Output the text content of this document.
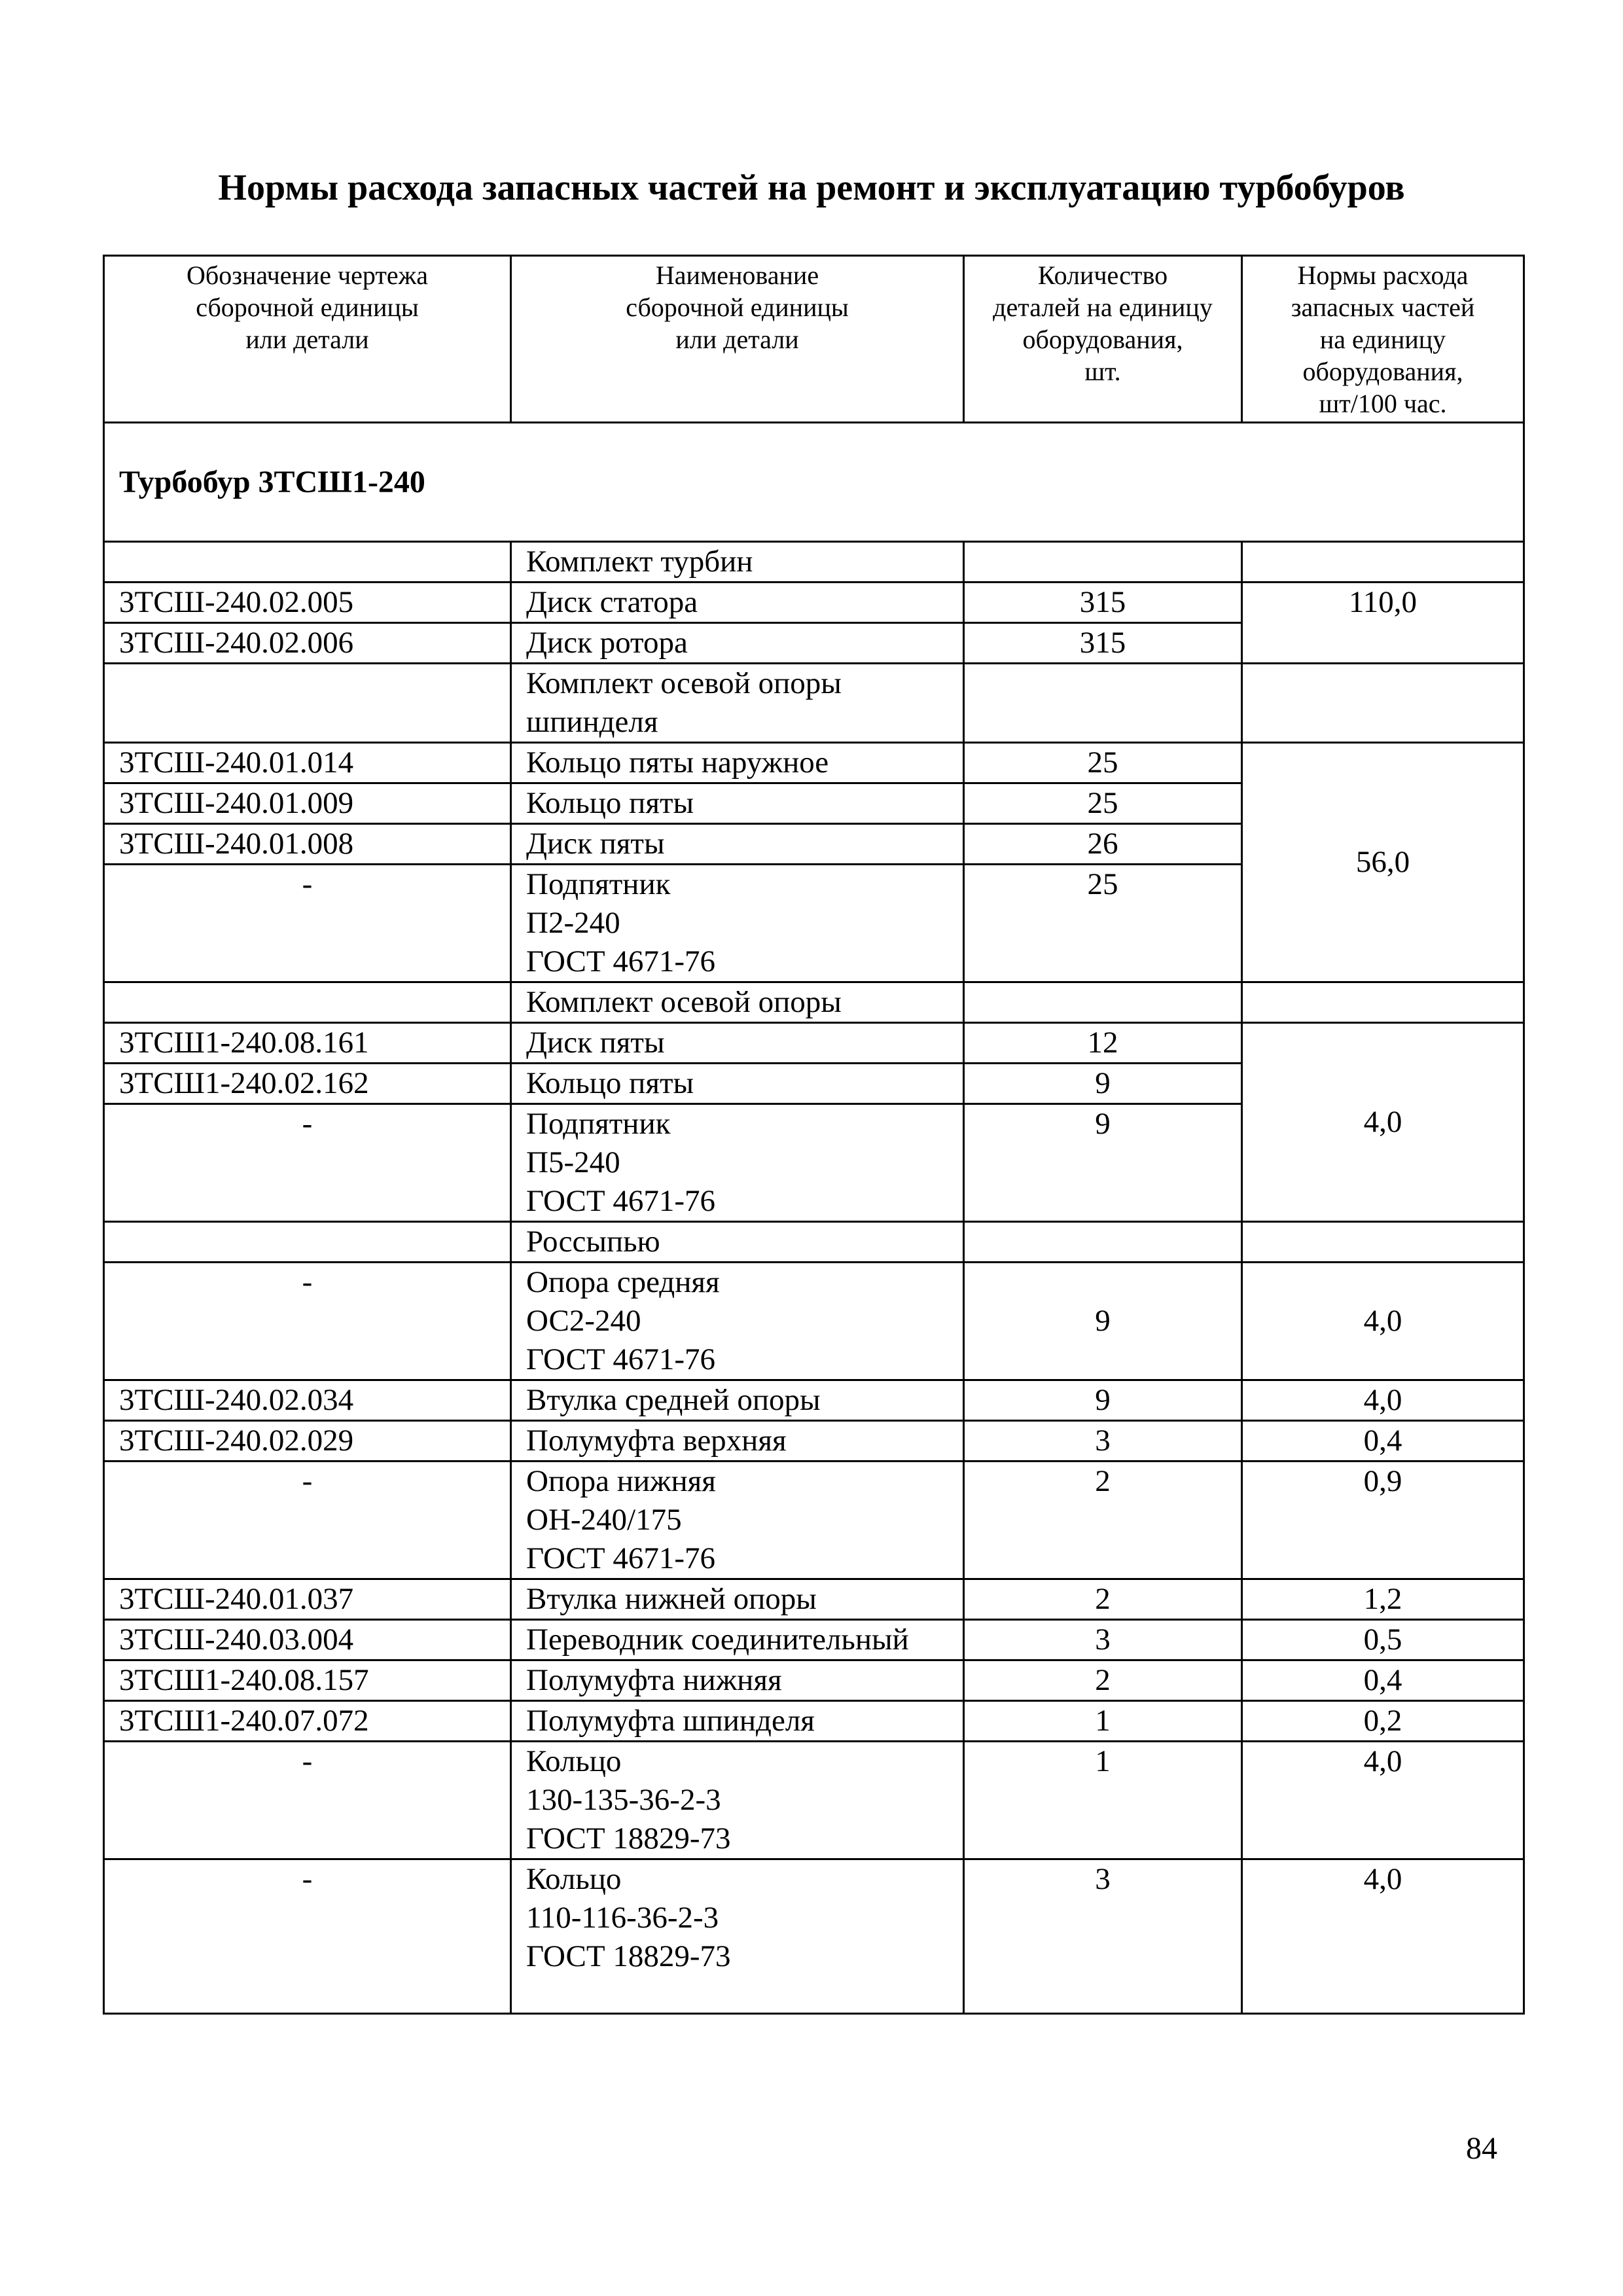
Нормы расхода запасных частей на ремонт и эксплуатацию турбобуров
Обозначение чертежа
сборочной единицы
или детали	Наименование
сборочной единицы
или детали	Количество
деталей на единицу
оборудования,
шт.	Нормы расхода
запасных частей
на единицу
оборудования,
шт/100 час.
Турбобур 3ТСШ1-240			
	Комплект турбин		
3ТСШ-240.02.005	Диск статора	315	110,0
3ТСШ-240.02.006	Диск ротора	315	
	Комплект осевой опоры
шпинделя		
3ТСШ-240.01.014	Кольцо пяты наружное	25	56,0
3ТСШ-240.01.009	Кольцо пяты	25	
3ТСШ-240.01.008	Диск пяты	26	
-	Подпятник
П2-240
ГОСТ 4671-76	25	
	Комплект осевой опоры		
3ТСШ1-240.08.161	Диск пяты	12	4,0
3ТСШ1-240.02.162	Кольцо пяты	9	
-	Подпятник
П5-240
ГОСТ 4671-76	9	
	Россыпью		
-	Опора средняя
ОС2-240
ГОСТ 4671-76	9	4,0
3ТСШ-240.02.034	Втулка средней опоры	9	4,0
3ТСШ-240.02.029	Полумуфта верхняя	3	0,4
-	Опора нижняя
ОН-240/175
ГОСТ 4671-76	2	0,9
3ТСШ-240.01.037	Втулка нижней опоры	2	1,2
3ТСШ-240.03.004	Переводник соединительный	3	0,5
3ТСШ1-240.08.157	Полумуфта нижняя	2	0,4
3ТСШ1-240.07.072	Полумуфта шпинделя	1	0,2
-	Кольцо
130-135-36-2-3
ГОСТ 18829-73	1	4,0
-	Кольцо
110-116-36-2-3
ГОСТ 18829-73	3	4,0
84
